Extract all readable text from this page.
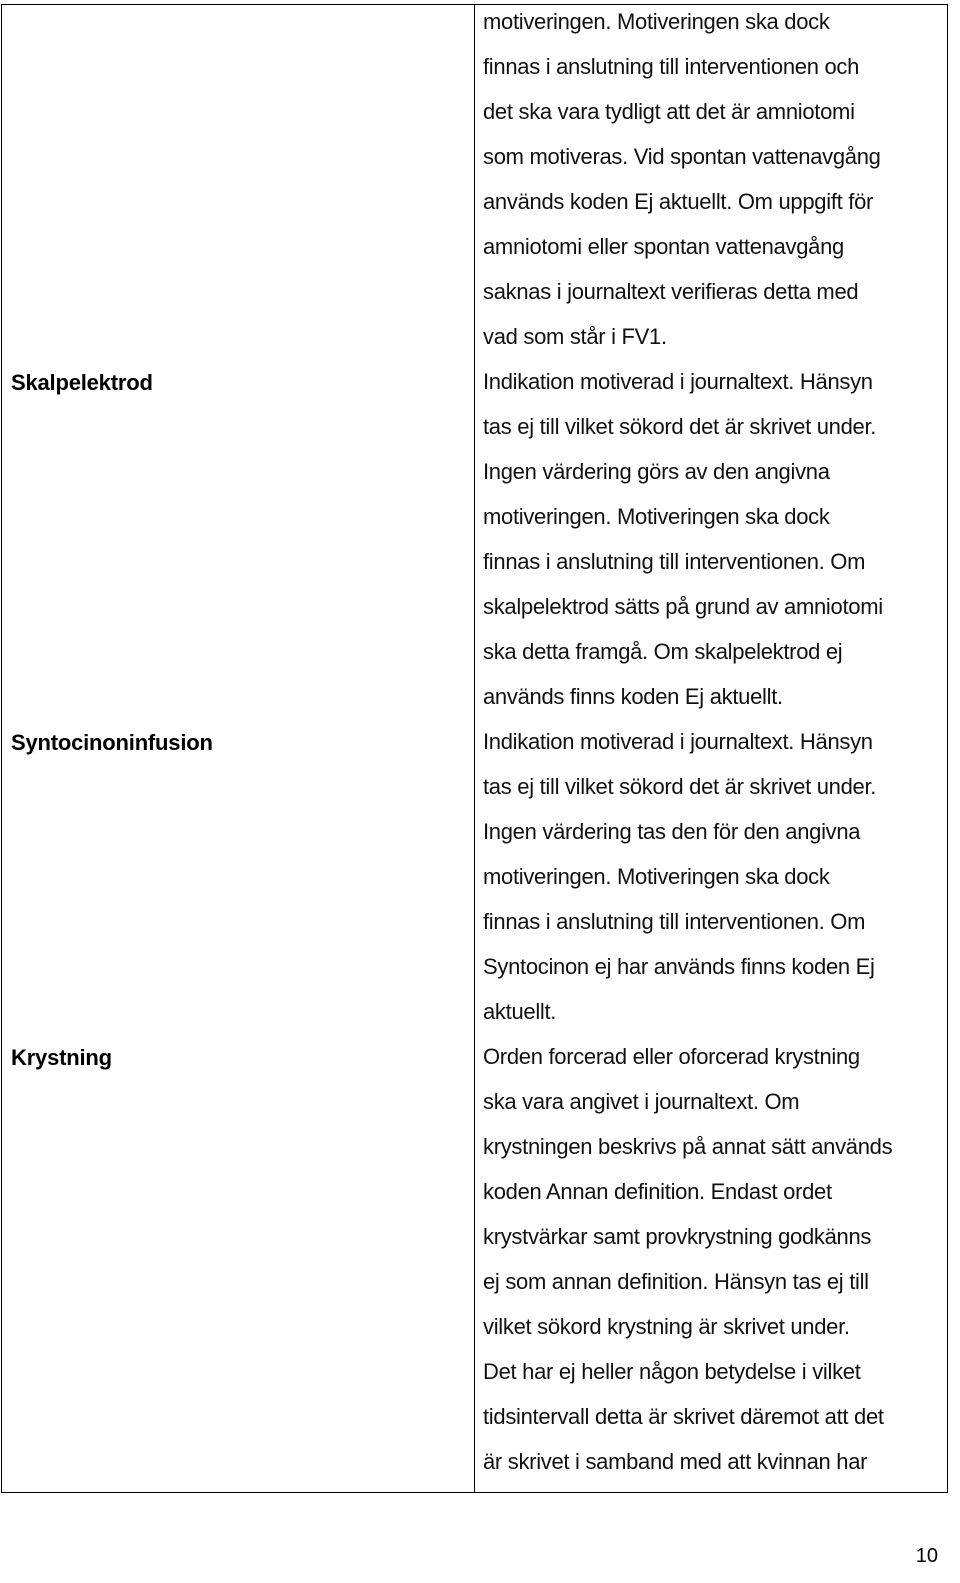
motiveringen. Motiveringen ska dock
finnas i anslutning till interventionen och
det ska vara tydligt att det är amniotomi
som motiveras. Vid spontan vattenavgång
används koden Ej aktuellt. Om uppgift för
amniotomi eller spontan vattenavgång
saknas i journaltext verifieras detta med
vad som står i FV1.
Skalpelektrod	Indikation motiverad i journaltext. Hänsyn
tas ej till vilket sökord det är skrivet under.
Ingen värdering görs av den angivna
motiveringen. Motiveringen ska dock
finnas i anslutning till interventionen. Om
skalpelektrod sätts på grund av amniotomi
ska detta framgå. Om skalpelektrod ej
används finns koden Ej aktuellt.
Syntocinoninfusion	Indikation motiverad i journaltext. Hänsyn
tas ej till vilket sökord det är skrivet under.
Ingen värdering tas den för den angivna
motiveringen. Motiveringen ska dock
finnas i anslutning till interventionen. Om
Syntocinon ej har används finns koden Ej
aktuellt.
Krystning	Orden forcerad eller oforcerad krystning
ska vara angivet i journaltext. Om
krystningen beskrivs på annat sätt används
koden Annan definition. Endast ordet
krystvärkar samt provkrystning godkänns
ej som annan definition. Hänsyn tas ej till
vilket sökord krystning är skrivet under.
Det har ej heller någon betydelse i vilket
tidsintervall detta är skrivet däremot att det
är skrivet i samband med att kvinnan har
10
